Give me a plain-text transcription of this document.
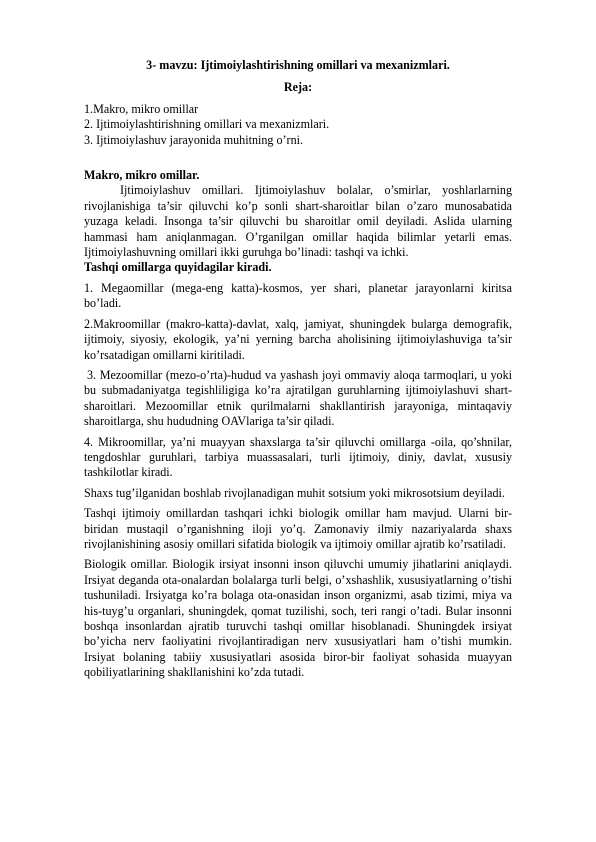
3- mavzu: Ijtimoiylashtirishning omillari va mexanizmlari.

Reja:

1.Makro, mikro omillar

2. Ijtimoiylashtirishning omillari va mexanizmlari.

3. Ijtimoiylashuv jarayonida muhitning o’rni.

Makro, mikro omillar.

Ijtimoiylashuv omillari. Ijtimoiylashuv bolalar, o’smirlar, yoshlarlarning rivojlanishiga ta’sir qiluvchi ko’p sonli shart-sharoitlar bilan o’zaro munosabatida yuzaga keladi. Insonga ta’sir qiluvchi bu sharoitlar omil deyiladi. Aslida ularning hammasi ham aniqlanmagan. O’rganilgan omillar haqida bilimlar yetarli emas. Ijtimoiylashuvning omillari ikki guruhga bo’linadi: tashqi va ichki.

Tashqi omillarga quyidagilar kiradi.

1. Megaomillar (mega-eng katta)-kosmos, yer shari, planetar jarayonlarni kiritsa bo’ladi.

2.Makroomillar (makro-katta)-davlat, xalq, jamiyat, shuningdek bularga demografik, ijtimoiy, siyosiy, ekologik, ya’ni yerning barcha aholisining ijtimoiylashuviga ta’sir ko’rsatadigan omillarni kiritiladi.

3. Mezoomillar (mezo-o’rta)-hudud va yashash joyi ommaviy aloqa tarmoqlari, u yoki bu submadaniyatga tegishliligiga ko’ra ajratilgan guruhlarning ijtimoiylashuvi shart-sharoitlari. Mezoomillar etnik qurilmalarni shakllantirish jarayoniga, mintaqaviy sharoitlarga, shu hududning OAVlariga ta’sir qiladi.

4. Mikroomillar, ya’ni muayyan shaxslarga ta’sir qiluvchi omillarga -oila, qo’shnilar, tengdoshlar guruhlari, tarbiya muassasalari, turli ijtimoiy, diniy, davlat, xususiy tashkilotlar kiradi.

Shaxs tug’ilganidan boshlab rivojlanadigan muhit sotsium yoki mikrosotsium deyiladi.

Tashqi ijtimoiy omillardan tashqari ichki biologik omillar ham mavjud. Ularni bir-biridan mustaqil o’rganishning iloji yo’q. Zamonaviy ilmiy nazariyalarda shaxs rivojlanishining asosiy omillari sifatida biologik va ijtimoiy omillar ajratib ko’rsatiladi.

Biologik omillar. Biologik irsiyat insonni inson qiluvchi umumiy jihatlarini aniqlaydi. Irsiyat deganda ota-onalardan bolalarga turli belgi, o’xshashlik, xususiyatlarning o’tishi tushuniladi. Irsiyatga ko’ra bolaga ota-onasidan inson organizmi, asab tizimi, miya va his-tuyg’u organlari, shuningdek, qomat tuzilishi, soch, teri rangi o’tadi. Bular insonni boshqa insonlardan ajratib turuvchi tashqi omillar hisoblanadi. Shuningdek irsiyat bo’yicha nerv faoliyatini rivojlantiradigan nerv xususiyatlari ham o’tishi mumkin. Irsiyat bolaning tabiiy xususiyatlari asosida biror-bir faoliyat sohasida muayyan qobiliyatlarining shakllanishini ko’zda tutadi.
